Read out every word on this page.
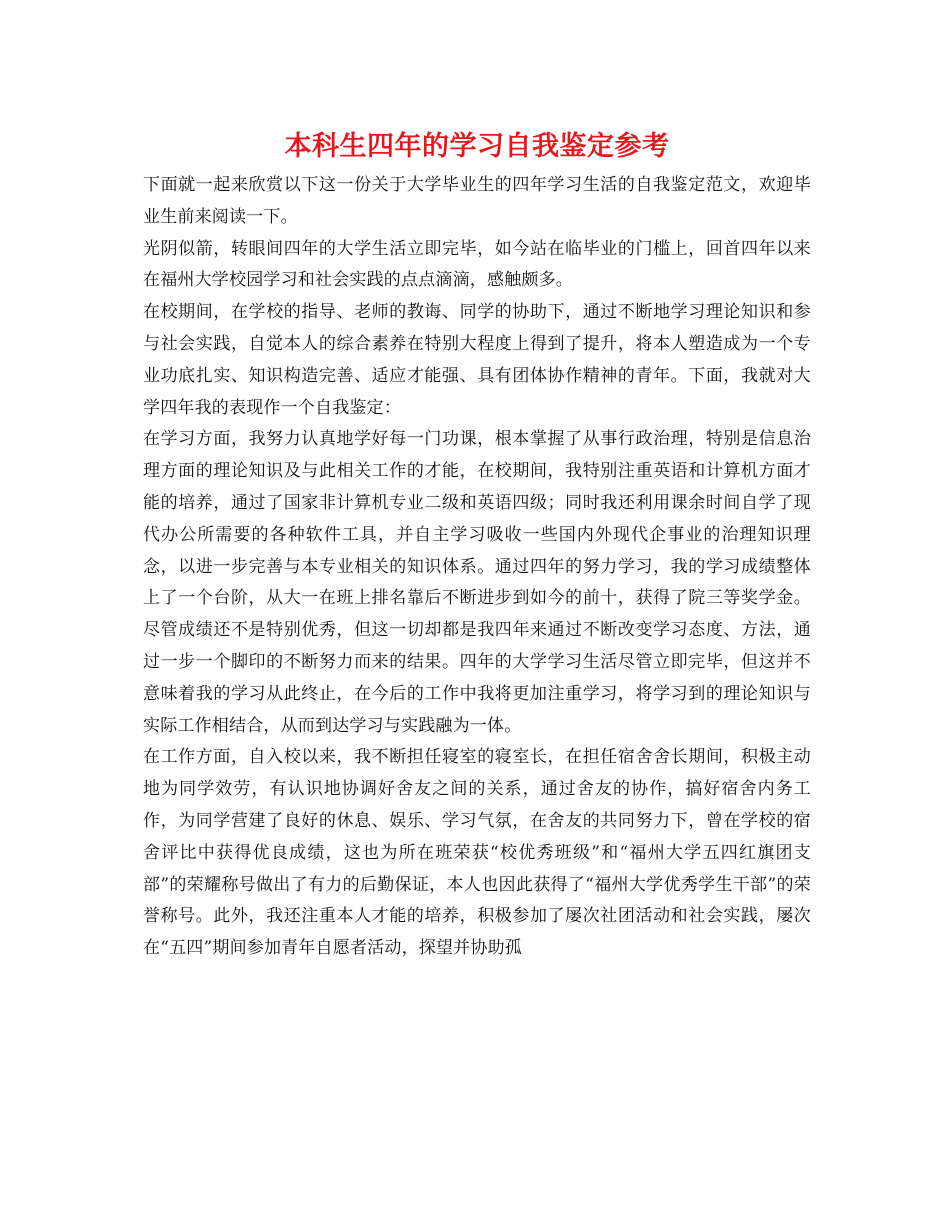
本科生四年的学习自我鉴定参考

下面就一起来欣赏以下这一份关于大学毕业生的四年学习生活的自我鉴定范文，欢迎毕业生前来阅读一下。

光阴似箭，转眼间四年的大学生活立即完毕，如今站在临毕业的门槛上，回首四年以来在福州大学校园学习和社会实践的点点滴滴，感触颇多。

在校期间，在学校的指导、老师的教诲、同学的协助下，通过不断地学习理论知识和参与社会实践，自觉本人的综合素养在特别大程度上得到了提升，将本人塑造成为一个专业功底扎实、知识构造完善、适应才能强、具有团体协作精神的青年。下面，我就对大学四年我的表现作一个自我鉴定：

在学习方面，我努力认真地学好每一门功课，根本掌握了从事行政治理，特别是信息治理方面的理论知识及与此相关工作的才能，在校期间，我特别注重英语和计算机方面才能的培养，通过了国家非计算机专业二级和英语四级；同时我还利用课余时间自学了现代办公所需要的各种软件工具，并自主学习吸收一些国内外现代企事业的治理知识理念，以进一步完善与本专业相关的知识体系。通过四年的努力学习，我的学习成绩整体上了一个台阶，从大一在班上排名靠后不断进步到如今的前十，获得了院三等奖学金。尽管成绩还不是特别优秀，但这一切却都是我四年来通过不断改变学习态度、方法，通过一步一个脚印的不断努力而来的结果。四年的大学学习生活尽管立即完毕，但这并不意味着我的学习从此终止，在今后的工作中我将更加注重学习，将学习到的理论知识与实际工作相结合，从而到达学习与实践融为一体。

在工作方面，自入校以来，我不断担任寝室的寝室长，在担任宿舍舍长期间，积极主动地为同学效劳，有认识地协调好舍友之间的关系，通过舍友的协作，搞好宿舍内务工作，为同学营建了良好的休息、娱乐、学习气氛，在舍友的共同努力下，曾在学校的宿舍评比中获得优良成绩，这也为所在班荣获“校优秀班级”和“福州大学五四红旗团支部”的荣耀称号做出了有力的后勤保证，本人也因此获得了“福州大学优秀学生干部”的荣誉称号。此外，我还注重本人才能的培养，积极参加了屡次社团活动和社会实践，屡次在“五四”期间参加青年自愿者活动，探望并协助孤
